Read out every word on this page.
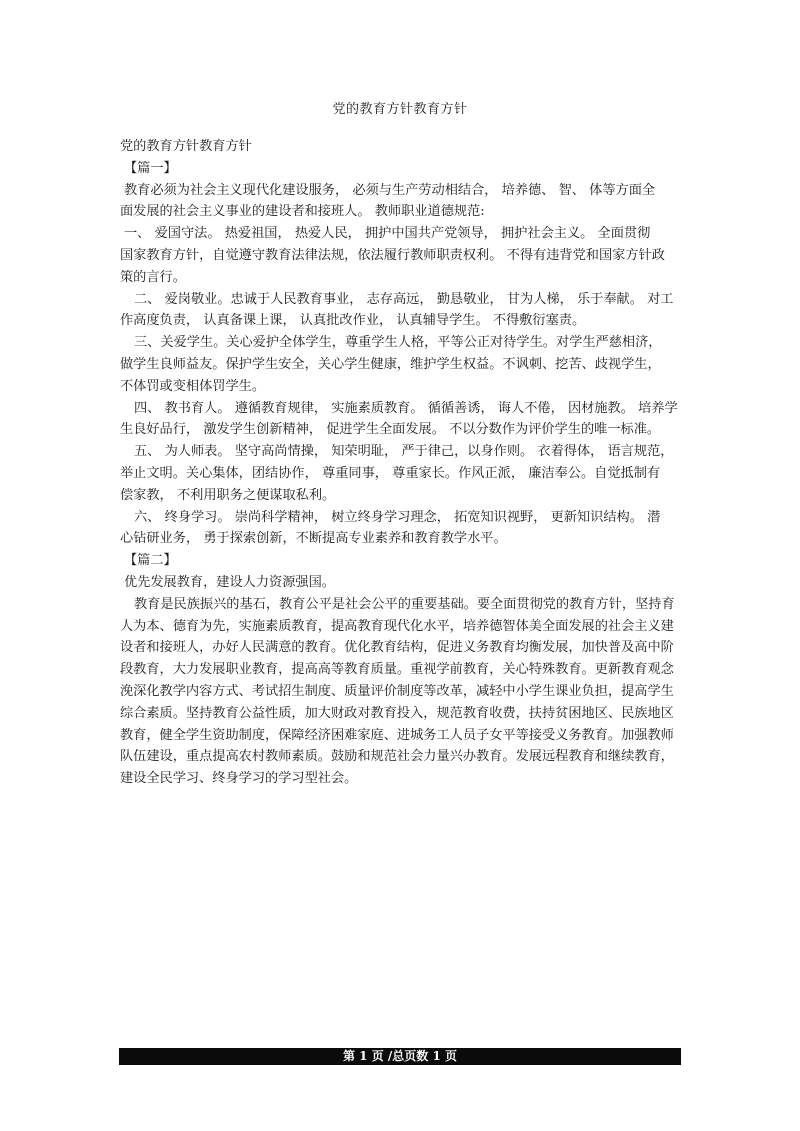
党的教育方针教育方针
党的教育方针教育方针
【篇一】
教育必须为社会主义现代化建设服务， 必须与生产劳动相结合， 培养德、 智、 体等方面全
面发展的社会主义事业的建设者和接班人。 教师职业道德规范:
一、 爱国守法。 热爱祖国， 热爱人民， 拥护中国共产党领导， 拥护社会主义。 全面贯彻
国家教育方针，自觉遵守教育法律法规，依法履行教师职责权利。 不得有违背党和国家方针政
策的言行。
二、 爱岗敬业。忠诚于人民教育事业， 志存高远， 勤恳敬业， 甘为人梯， 乐于奉献。 对工
作高度负责， 认真备课上课， 认真批改作业， 认真辅导学生。 不得敷衍塞责。
三、关爱学生。关心爱护全体学生，尊重学生人格，平等公正对待学生。对学生严慈相济，
做学生良师益友。保护学生安全，关心学生健康，维护学生权益。不讽刺、挖苦、歧视学生，
不体罚或变相体罚学生。
四、 教书育人。 遵循教育规律， 实施素质教育。 循循善诱， 诲人不倦， 因材施教。 培养学
生良好品行， 激发学生创新精神， 促进学生全面发展。 不以分数作为评价学生的唯一标准。
五、 为人师表。 坚守高尚情操， 知荣明耻， 严于律己，以身作则。 衣着得体， 语言规范，
举止文明。关心集体，团结协作， 尊重同事， 尊重家长。作风正派， 廉洁奉公。自觉抵制有
偿家教， 不利用职务之便谋取私利。
六、 终身学习。 崇尚科学精神， 树立终身学习理念， 拓宽知识视野， 更新知识结构。 潜
心钻研业务， 勇于探索创新，不断提高专业素养和教育教学水平。
【篇二】
优先发展教育，建设人力资源强国。
教育是民族振兴的基石，教育公平是社会公平的重要基础。要全面贯彻党的教育方针，坚持育
人为本、德育为先，实施素质教育，提高教育现代化水平，培养德智体美全面发展的社会主义建
设者和接班人，办好人民满意的教育。优化教育结构，促进义务教育均衡发展，加快普及高中阶
段教育，大力发展职业教育，提高高等教育质量。重视学前教育，关心特殊教育。更新教育观念
浼深化教学内容方式、考试招生制度、质量评价制度等改革，减轻中小学生课业负担，提高学生
综合素质。坚持教育公益性质，加大财政对教育投入，规范教育收费，扶持贫困地区、民族地区
教育，健全学生资助制度，保障经济困难家庭、进城务工人员子女平等接受义务教育。加强教师
队伍建设，重点提高农村教师素质。鼓励和规范社会力量兴办教育。发展远程教育和继续教育，
建设全民学习、终身学习的学习型社会。
第 1 页 /总页数 1 页
